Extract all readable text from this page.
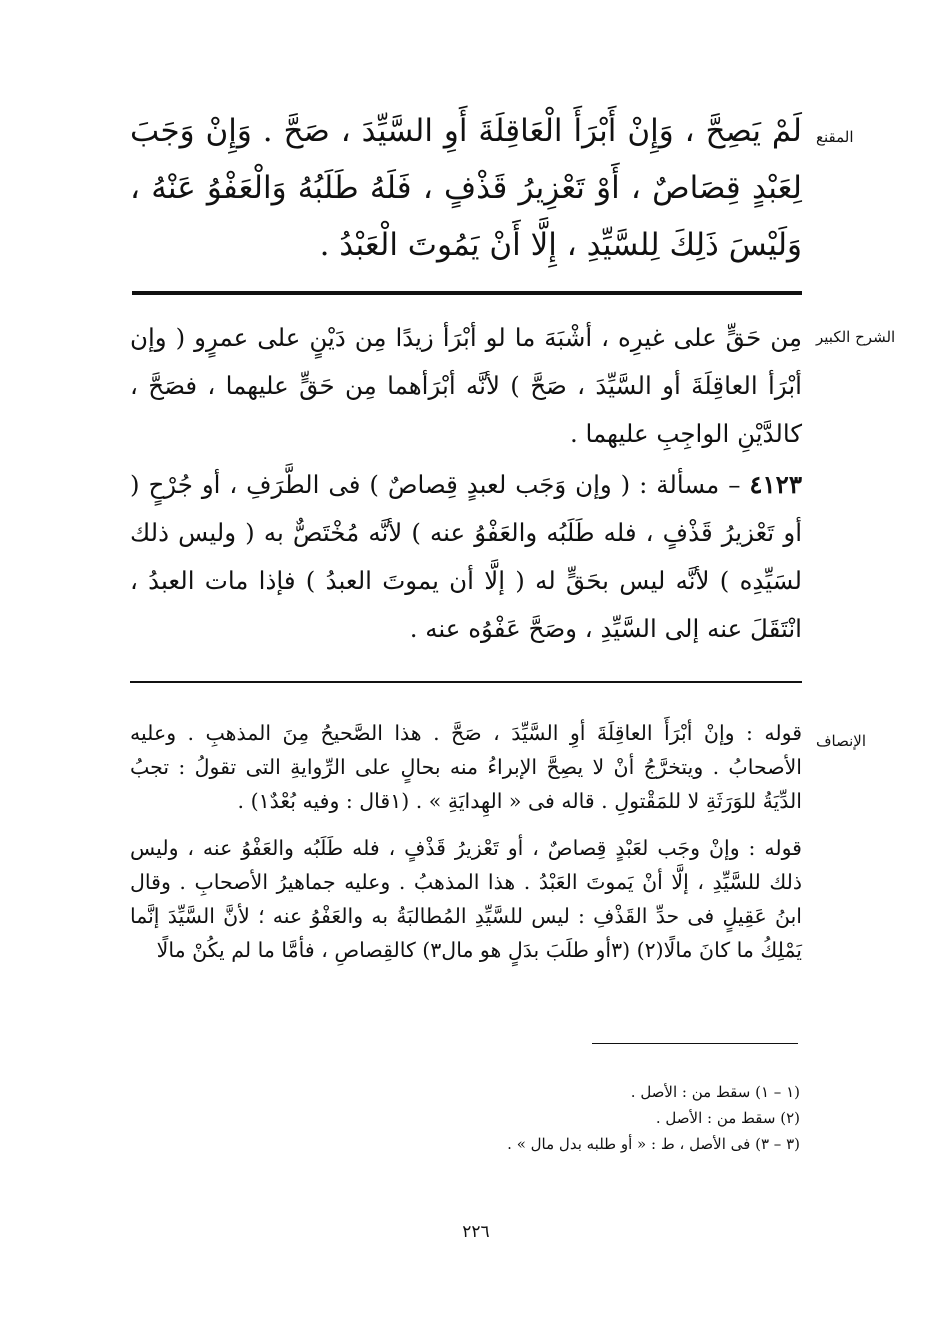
المقنع
لَمْ يَصِحَّ ، وَإِنْ أَبْرَأَ الْعَاقِلَةَ أَوِ السَّيِّدَ ، صَحَّ . وَإِنْ وَجَبَ لِعَبْدٍ قِصَاصٌ ، أَوْ تَعْزِيرُ قَذْفٍ ، فَلَهُ طَلَبُهُ وَالْعَفْوُ عَنْهُ ، وَلَيْسَ ذَلِكَ لِلسَّيِّدِ ، إِلَّا أَنْ يَمُوتَ الْعَبْدُ .
الشرح الكبير

مِن حَقٍّ على غيرِه ، أشْبَهَ ما لو أبْرَأ زيدًا مِن دَيْنٍ على عمرٍو ( وإن أبْرَأ العاقِلَةَ أو السَّيِّدَ ، صَحَّ ) لأنَّه أبْرَأهما مِن حَقٍّ عليهما ، فصَحَّ ، كالدَّيْنِ الواجِبِ عليهما .

٤١٢٣ – مسألة : ( وإن وَجَب لعبدٍ قِصاصٌ ) فى الطَّرَفِ ، أو جُرْحٍ ( أو تَعْزيرُ قَذْفٍ ، فله طَلَبُه والعَفْوُ عنه ) لأنَّه مُخْتَصٌّ به ( وليس ذلك لسَيِّدِه ) لأنَّه ليس بحَقٍّ له ( إلَّا أن يموتَ العبدُ ) فإذا مات العبدُ ، انْتَقَلَ عنه إلى السَّيِّدِ ، وصَحَّ عَفْوُه عنه .

الإنصاف

قوله : وإنْ أبْرَأَ العاقِلَةَ أوِ السَّيِّدَ ، صَحَّ . هذا الصَّحيحُ مِنَ المذهبِ . وعليه الأصحابُ . ويتخرَّجُ أنْ لا يصِحَّ الإبراءُ منه بحالٍ على الرِّوايةِ التى تقولُ : تجبُ الدِّيَةُ للوَرَثَةِ لا للمَقْتولِ . قاله فى « الهِدايَةِ » . (١قال : وفيه بُعْدٌ١) .

قوله : وإنْ وجَب لعَبْدٍ قِصاصٌ ، أو تَعْزيرُ قَذْفٍ ، فله طَلَبُه والعَفْوُ عنه ، وليس ذلك للسَّيِّدِ ، إلَّا أنْ يَموتَ العَبْدُ . هذا المذهبُ . وعليه جماهيرُ الأصحابِ . وقال ابنُ عَقِيلٍ فى حدِّ القَذْفِ : ليس للسَّيِّدِ المُطالبَةُ به والعَفْوُ عنه ؛ لأنَّ السَّيِّدَ إنَّما يَمْلِكُ ما كانَ مالًا(٢) (٣أو طلَبَ بدَلٍ هو مال٣) كالقِصاصِ ، فأمَّا ما لم يكُنْ مالًا

(١ – ١) سقط من : الأصل .
(٢) سقط من : الأصل .
(٣ – ٣) فى الأصل ، ط : « أو طلبه بدل مال » .
٢٢٦
